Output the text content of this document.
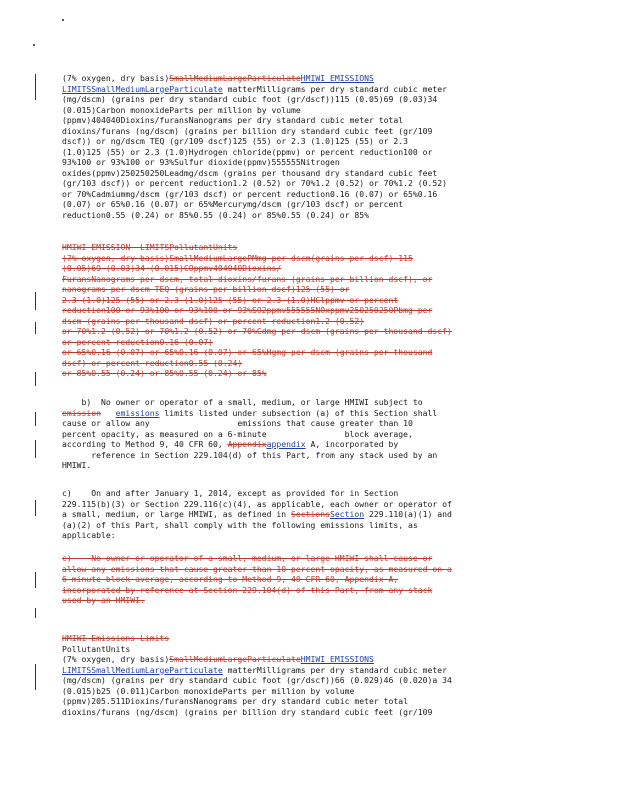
(7% oxygen, dry basis)SmallMediumLargeParticulateHMIWI EMISSIONS
LIMITSSmallMediumLargeParticulate matterMilligrams per dry standard cubic meter
(mg/dscm) (grains per dry standard cubic foot (gr/dscf))115 (0.05)69 (0.03)34
(0.015)Carbon monoxideParts per million by volume
(ppmv)404040Dioxins/furansNanograms per dry standard cubic meter total
dioxins/furans (ng/dscm) (grains per billion dry standard cubic feet (gr/109
dscf)) or ng/dscm TEQ (gr/109 dscf)125 (55) or 2.3 (1.0)125 (55) or 2.3
(1.0)125 (55) or 2.3 (1.0)Hydrogen chloride(ppmv) or percent reduction100 or
93%100 or 93%100 or 93%Sulfur dioxide(ppmv)555555Nitrogen
oxides(ppmv)250250250Leadmg/dscm (grains per thousand dry standard cubic feet
(gr/103 dscf)) or percent reduction1.2 (0.52) or 70%1.2 (0.52) or 70%1.2 (0.52)
or 70%Cadmiummg/dscm (gr/103 dscf) or percent reduction0.16 (0.07) or 65%0.16
(0.07) or 65%0.16 (0.07) or 65%Mercurymg/dscm (gr/103 dscf) or percent
reduction0.55 (0.24) or 85%0.55 (0.24) or 85%0.55 (0.24) or 85%
HMIWI EMISSION  LIMITSPollutantUnits
(7% oxygen, dry basis)SmallMediumLargePMmg per dscm(grains per dscf) 115
(0.05)69 (0.03)34 (0.015)COppmv404040Dioxins/
FuransNanograms per dscm, total dioxins/furans (grains per billion dscf), or
nanograms per dscm TEQ (grains per billion dscf)125 (55) or
2.3 (1.0)125 (55) or 2.3 (1.0)125 (55) or 2.3 (1.0)HClppmv or percent
reduction100 or 93%100 or 93%100 or 93%SO2ppmv555555NOxppmv250250250Pbmg per
dscm (grains per thousand dscf) or percent reduction1.2 (0.52)
or 70%1.2 (0.52) or 70%1.2 (0.52) or 70%Cdmg per dscm (grains per thousand dscf)
or percent reduction0.16 (0.07)
or 65%0.16 (0.07) or 65%0.16 (0.07) or 65%Hgmg per dscm (grains per thousand
dscf) or percent reduction0.55 (0.24)
or 85%0.55 (0.24) or 85%0.55 (0.24) or 85%
b)  No owner or operator of a small, medium, or large HMIWI subject to
emission emissions limits listed under subsection (a) of this Section shall
cause or allow any                  emissions that cause greater than 10
percent opacity, as measured on a 6-minute                block average,
according to Method 9, 40 CFR 60, Appendixappendix A, incorporated by
reference in Section 229.104(d) of this Part, from any stack used by an
HMIWI.
c)    On and after January 1, 2014, except as provided for in Section
229.115(b)(3) or Section 229.116(c)(4), as applicable, each owner or operator of
a small, medium, or large HMIWI, as defined in SectionsSection 229.110(a)(1) and
(a)(2) of this Part, shall comply with the following emissions limits, as
applicable:
c)    No owner or operator of a small, medium, or large HMIWI shall cause or
allow any emissions that cause greater than 10 percent opacity, as measured on a
6-minute block average, according to Method 9, 40 CFR 60, Appendix A,
incorporated by reference at Section 229.104(d) of this Part, from any stack
used by an HMIWI.
HMIWI Emissions Limits
PollutantUnits
(7% oxygen, dry basis)SmallMediumLargeParticulateHMIWI EMISSIONS
LIMITSSmallMediumLargeParticulate matterMilligrams per dry standard cubic meter
(mg/dscm) (grains per dry standard cubic foot (gr/dscf))66 (0.029)46 (0.020)a 34
(0.015)b25 (0.011)Carbon monoxideParts per million by volume
(ppmv)205.511Dioxins/furansNanograms per dry standard cubic meter total
dioxins/furans (ng/dscm) (grains per billion dry standard cubic feet (gr/109
